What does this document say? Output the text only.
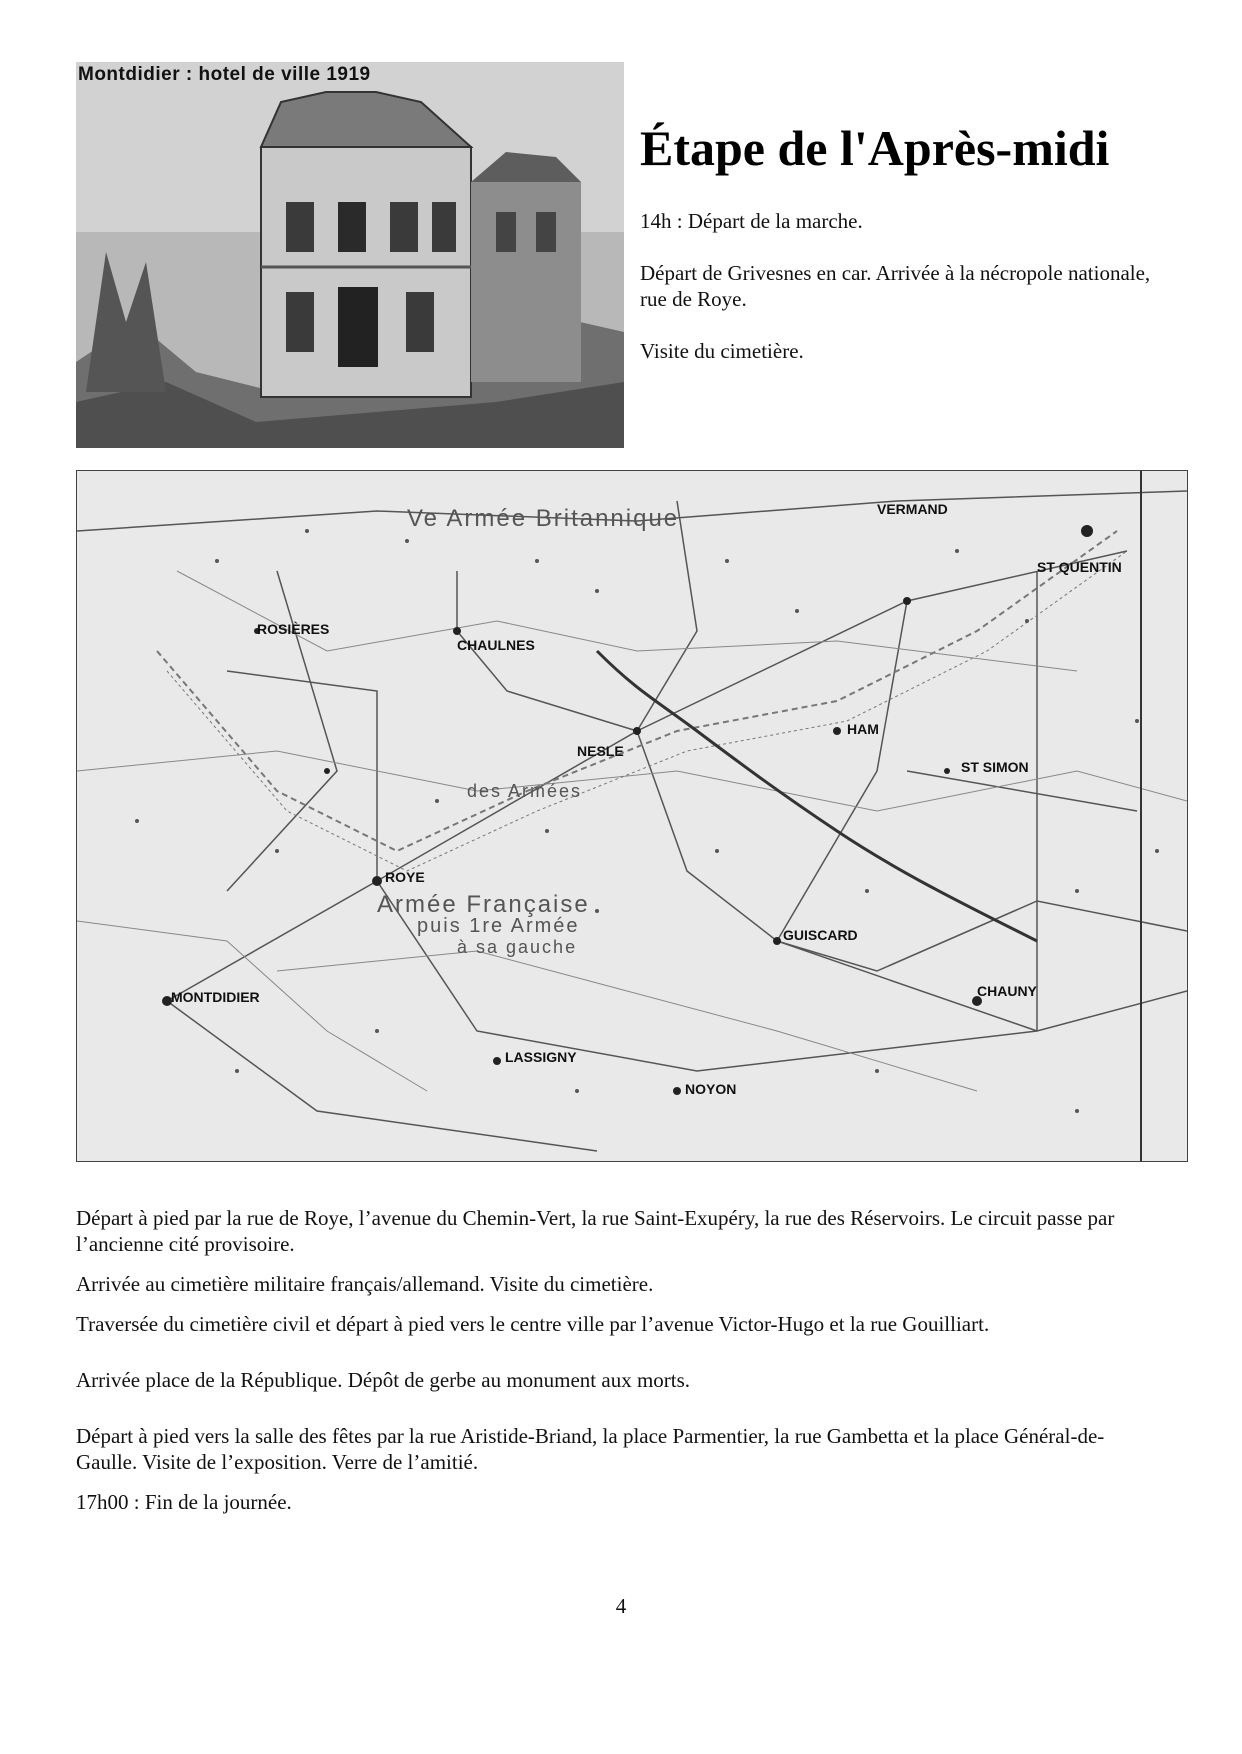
Montdidier : hotel de ville 1919
Étape de l'Après-midi

14h : Départ de la marche.

Départ de Grivesnes en car. Arrivée à la nécropole nationale, rue de Roye.

Visite du cimetière.

Ve Armée Britannique
Armée Française
puis 1re Armée
à sa gauche
des Armées
MONTDIDIER
ROYE
NESLE
CHAULNES
ROSIÈRES
HAM
GUISCARD
NOYON
CHAUNY
LASSIGNY
ST QUENTIN
ST SIMON
VERMAND

Départ à pied par la rue de Roye, l’avenue du Chemin-Vert, la rue Saint-Exupéry, la rue des Réservoirs. Le circuit passe par l’ancienne cité provisoire.

Arrivée au cimetière militaire français/allemand. Visite du cimetière.

Traversée du cimetière civil et départ à pied vers le centre ville par l’avenue Victor-Hugo et la rue Gouilliart.

Arrivée place de la République. Dépôt de gerbe au monument aux morts.

Départ à pied vers la salle des fêtes par la rue Aristide-Briand, la place Parmentier, la rue Gambetta et la place Général-de-Gaulle. Visite de l’exposition. Verre de l’amitié.

17h00 : Fin de la journée.

4
